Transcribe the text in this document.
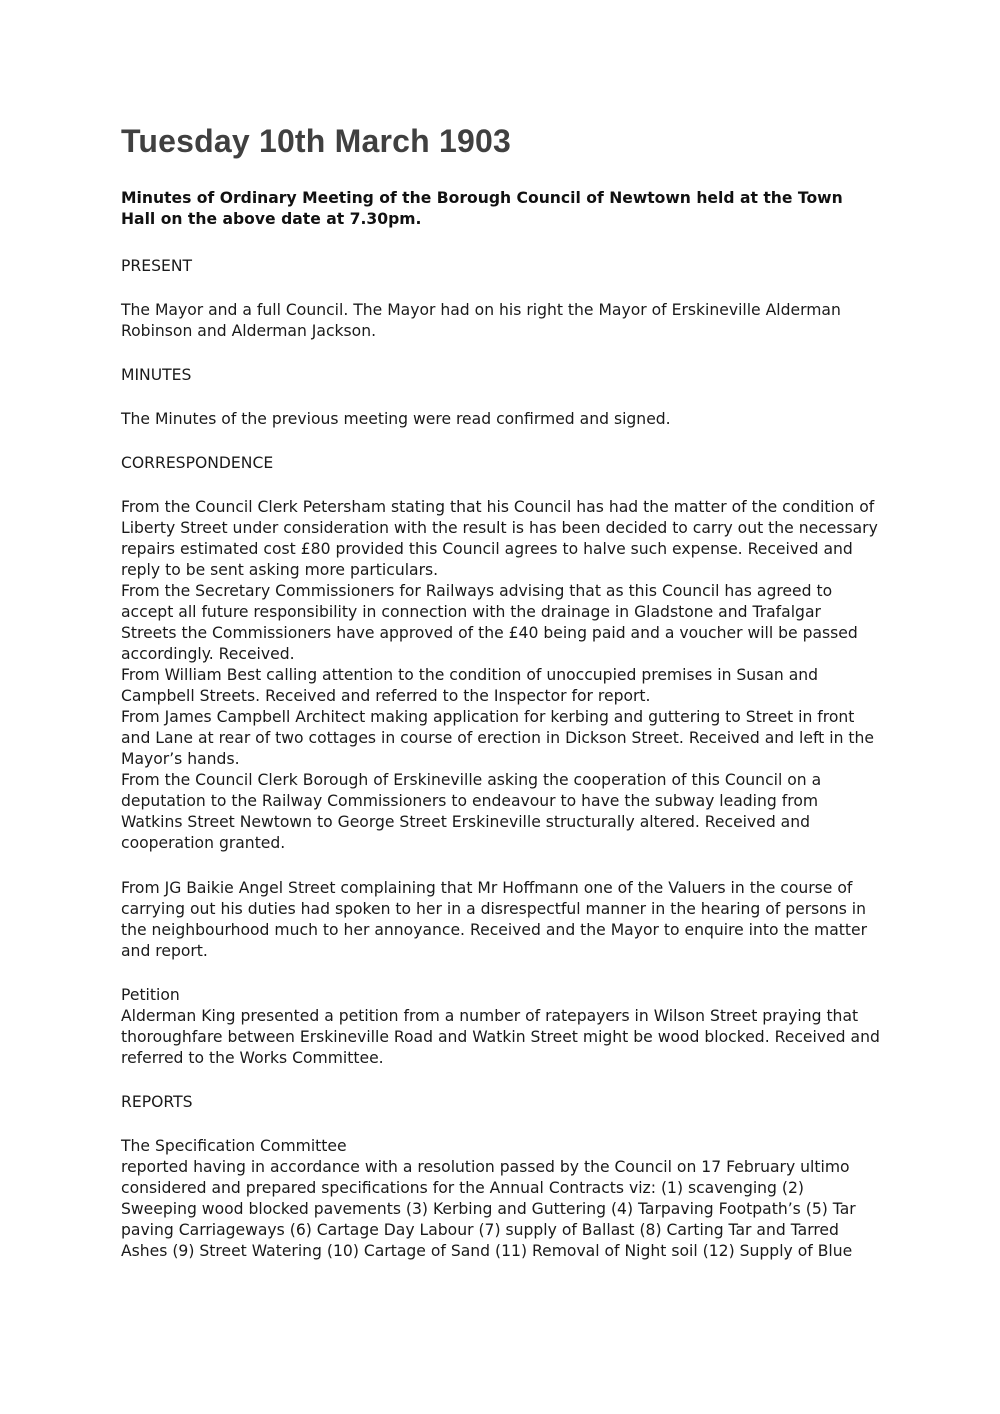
Tuesday 10th March 1903
Minutes of Ordinary Meeting of the Borough Council of Newtown held at the Town Hall on the above date at 7.30pm.
PRESENT

The Mayor and a full Council. The Mayor had on his right the Mayor of Erskineville Alderman Robinson and Alderman Jackson.

MINUTES

The Minutes of the previous meeting were read confirmed and signed.

CORRESPONDENCE

From the Council Clerk Petersham stating that his Council has had the matter of the condition of Liberty Street under consideration with the result is has been decided to carry out the necessary repairs estimated cost £80 provided this Council agrees to halve such expense. Received and reply to be sent asking more particulars.

From the Secretary Commissioners for Railways advising that as this Council has agreed to accept all future responsibility in connection with the drainage in Gladstone and Trafalgar Streets the Commissioners have approved of the £40 being paid and a voucher will be passed accordingly. Received.

From William Best calling attention to the condition of unoccupied premises in Susan and Campbell Streets. Received and referred to the Inspector for report.

From James Campbell Architect making application for kerbing and guttering to Street in front and Lane at rear of two cottages in course of erection in Dickson Street. Received and left in the Mayor’s hands.

From the Council Clerk Borough of Erskineville asking the cooperation of this Council on a deputation to the Railway Commissioners to endeavour to have the subway leading from Watkins Street Newtown to George Street Erskineville structurally altered. Received and cooperation granted.

From JG Baikie Angel Street complaining that Mr Hoffmann one of the Valuers in the course of carrying out his duties had spoken to her in a disrespectful manner in the hearing of persons in the neighbourhood much to her annoyance. Received and the Mayor to enquire into the matter and report.

Petition

Alderman King presented a petition from a number of ratepayers in Wilson Street praying that thoroughfare between Erskineville Road and Watkin Street might be wood blocked. Received and referred to the Works Committee.

REPORTS

The Specification Committee

reported having in accordance with a resolution passed by the Council on 17 February ultimo considered and prepared specifications for the Annual Contracts viz: (1) scavenging (2) Sweeping wood blocked pavements (3) Kerbing and Guttering (4) Tarpaving Footpath’s (5) Tar paving Carriageways (6) Cartage Day Labour (7) supply of Ballast (8) Carting Tar and Tarred Ashes (9) Street Watering (10) Cartage of Sand (11) Removal of Night soil (12) Supply of Blue
